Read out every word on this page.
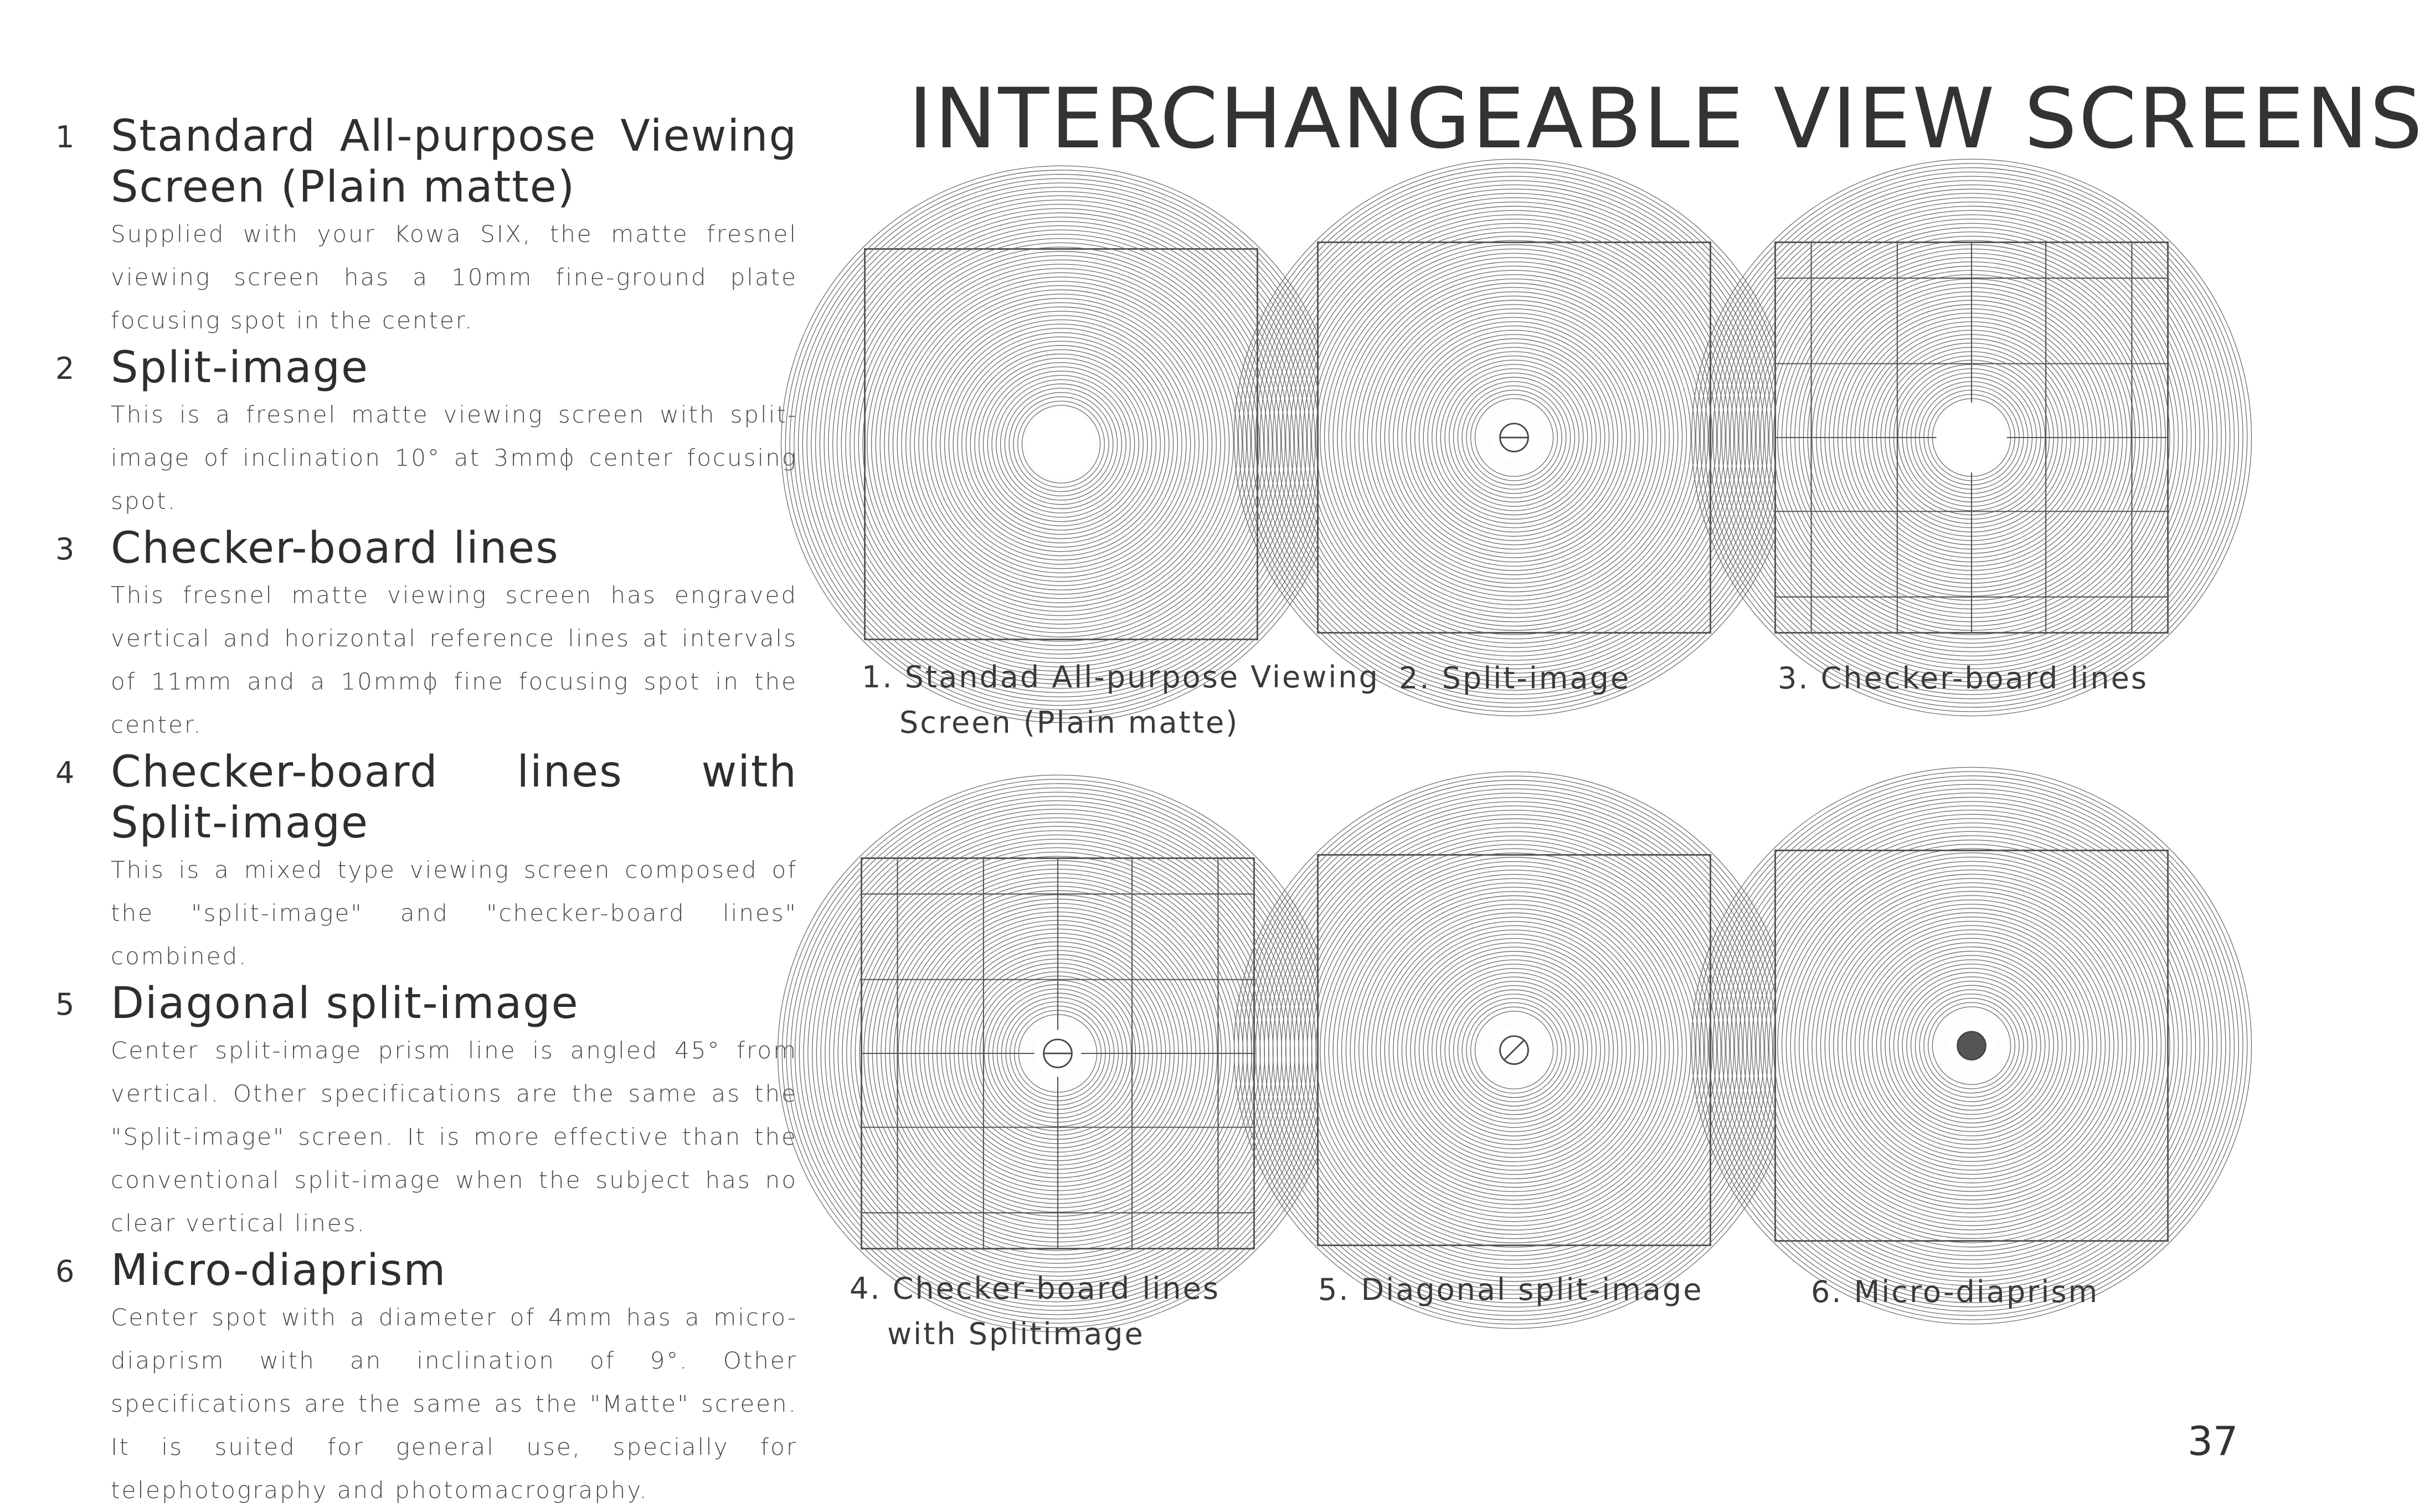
1 Standard All-purpose Viewing Screen (Plain matte)
Supplied with your Kowa SIX, the matte fresnel viewing screen has a 10mm fine-ground plate focusing spot in the center.
2 Split-image
This is a fresnel matte viewing screen with split-image of inclination 10° at 3mmϕ center focusing spot.
3 Checker-board lines
This fresnel matte viewing screen has engraved vertical and horizontal reference lines at intervals of 11mm and a 10mmϕ fine focusing spot in the center.
4 Checker-board lines with Split-image
This is a mixed type viewing screen composed of the "split-image" and "checker-board lines" combined.
5 Diagonal split-image
Center split-image prism line is angled 45° from vertical. Other specifications are the same as the "Split-image" screen. It is more effective than the conventional split-image when the subject has no clear vertical lines.
6 Micro-diaprism
Center spot with a diameter of 4mm has a micro-diaprism with an inclination of 9°. Other specifications are the same as the "Matte" screen. It is suited for general use, specially for telephotography and photomacrography.
INTERCHANGEABLE VIEW SCREENS
1. Standad All-purpose Viewing
Screen (Plain matte)
2. Split-image	3. Checker-board lines
4. Checker-board lines
with Splitimage
5. Diagonal split-image	6. Micro-diaprism
37
